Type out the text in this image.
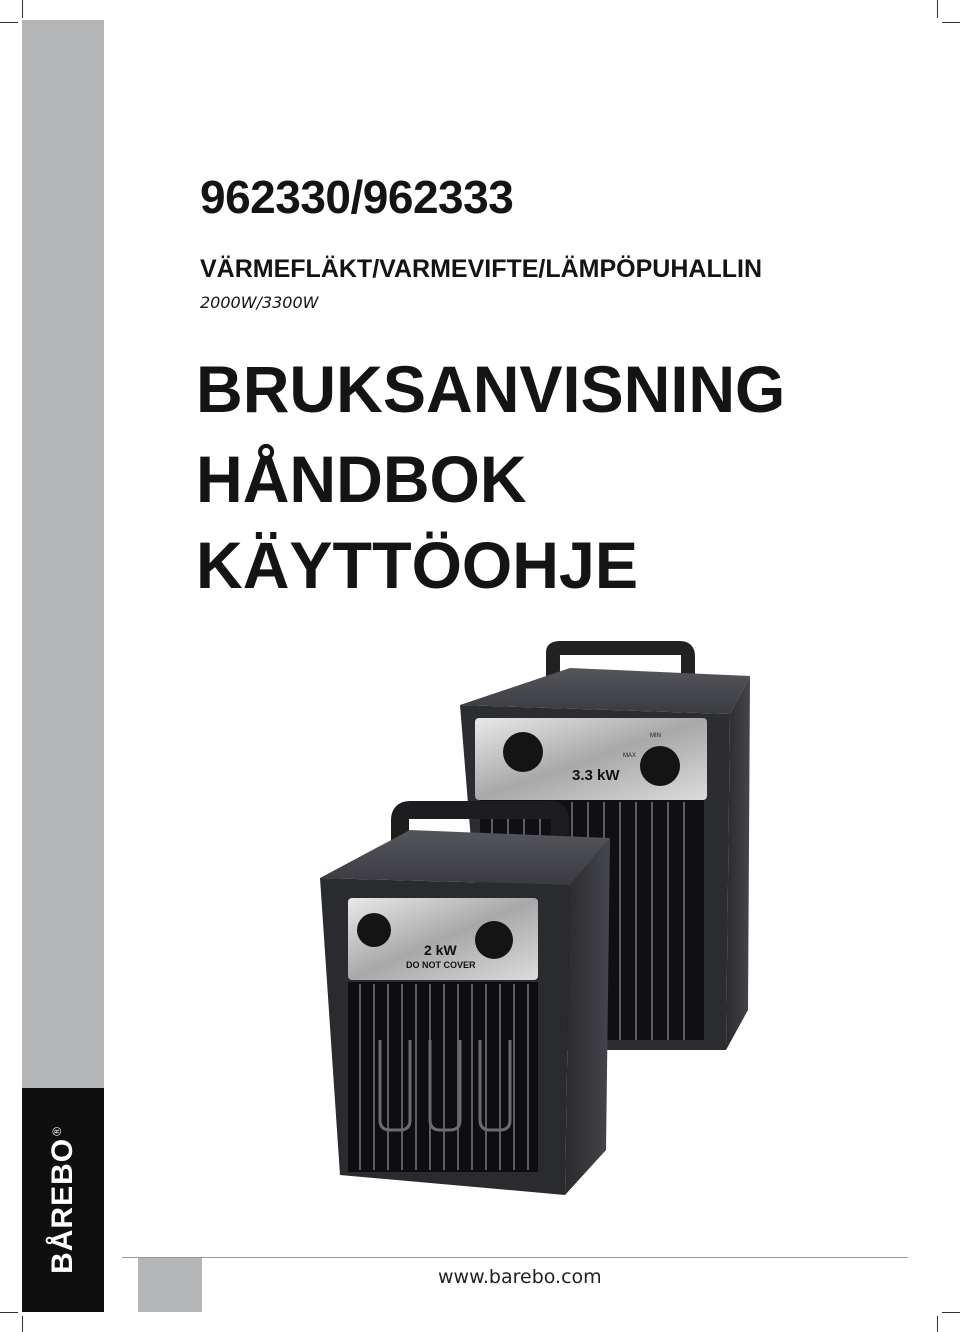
BÅREBO®
962330/962333
VÄRMEFLÄKT/VARMEVIFTE/LÄMPÖPUHALLIN
2000W/3300W
BRUKSANVISNING
HÅNDBOK
KÄYTTÖOHJE
3.3 kW
MIN
MAX
2 kW
DO NOT COVER
www.barebo.com
